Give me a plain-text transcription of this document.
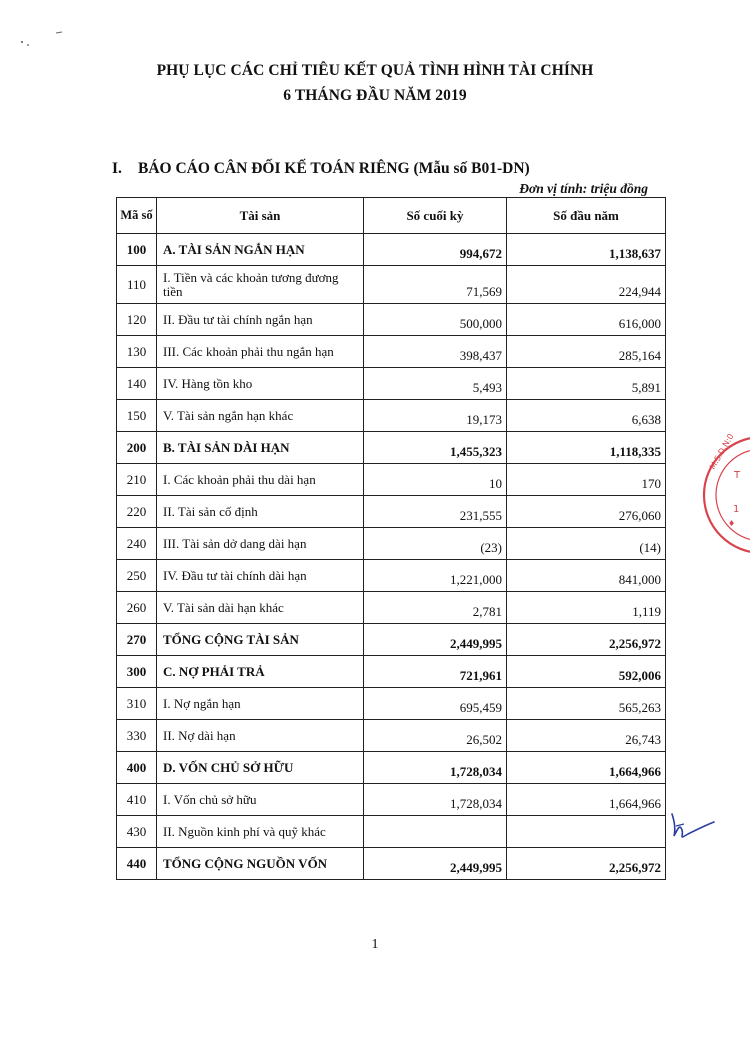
PHỤ LỤC CÁC CHỈ TIÊU KẾT QUẢ TÌNH HÌNH TÀI CHÍNH
6 THÁNG ĐẦU NĂM 2019
I. BÁO CÁO CÂN ĐỐI KẾ TOÁN RIÊNG (Mẫu số B01-DN)
Đơn vị tính: triệu đồng
Mã số	Tài sản	Số cuối kỳ	Số đầu năm
100	A. TÀI SẢN NGẮN HẠN	994,672	1,138,637
110	I. Tiền và các khoản tương đương tiền	71,569	224,944
120	II. Đầu tư tài chính ngắn hạn	500,000	616,000
130	III. Các khoản phải thu ngắn hạn	398,437	285,164
140	IV. Hàng tồn kho	5,493	5,891
150	V. Tài sản ngắn hạn khác	19,173	6,638
200	B. TÀI SẢN DÀI HẠN	1,455,323	1,118,335
210	I. Các khoản phải thu dài hạn	10	170
220	II. Tài sản cố định	231,555	276,060
240	III. Tài sản dở dang dài hạn	(23)	(14)
250	IV. Đầu tư tài chính dài hạn	1,221,000	841,000
260	V. Tài sản dài hạn khác	2,781	1,119
270	TỔNG CỘNG TÀI SẢN	2,449,995	2,256,972
300	C. NỢ PHẢI TRẢ	721,961	592,006
310	I. Nợ ngắn hạn	695,459	565,263
330	II. Nợ dài hạn	26,502	26,743
400	D. VỐN CHỦ SỞ HỮU	1,728,034	1,664,966
410	I. Vốn chủ sở hữu	1,728,034	1,664,966
430	II. Nguồn kinh phí và quỹ khác		
440	TỔNG CỘNG NGUỒN VỐN	2,449,995	2,256,972
M.S.D.N:0
T
1
♦
1
